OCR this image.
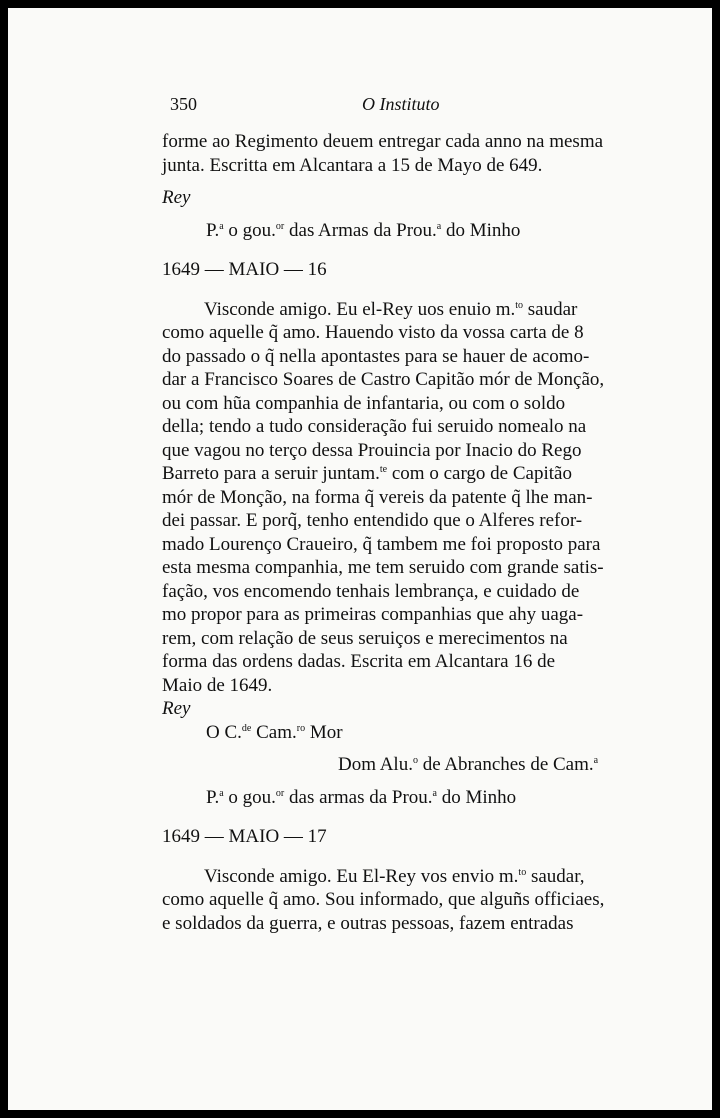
350	O Instituto

forme ao Regimento deuem entregar cada anno na mesma

junta. Escritta em Alcantara a 15 de Mayo de 649.

Rey

P.$^a$ o gou.$^{or}$ das Armas da Prou.$^a$ do Minho

1649 — MAIO — 16

Visconde amigo. Eu el-Rey uos enuio m.$^{to}$ saudar

como aquelle q̃ amo. Hauendo visto da vossa carta de 8

do passado o q̃ nella apontastes para se hauer de acomo-

dar a Francisco Soares de Castro Capitão mór de Monção,

ou com hũa companhia de infantaria, ou com o soldo

della; tendo a tudo consideração fui seruido nomealo na

que vagou no terço dessa Prouincia por Inacio do Rego

Barreto para a seruir juntam.$^{te}$ com o cargo de Capitão

mór de Monção, na forma q̃ vereis da patente q̃ lhe man-

dei passar. E porq̃, tenho entendido que o Alferes refor-

mado Lourenço Craueiro, q̃ tambem me foi proposto para

esta mesma companhia, me tem seruido com grande satis-

fação, vos encomendo tenhais lembrança, e cuidado de

mo propor para as primeiras companhias que ahy uaga-

rem, com relação de seus seruiços e merecimentos na

forma das ordens dadas. Escrita em Alcantara 16 de

Maio de 1649.

Rey

O C.$^{de}$ Cam.$^{ro}$ Mor

Dom Alu.$^o$ de Abranches de Cam.$^a$

P.$^a$ o gou.$^{or}$ das armas da Prou.$^a$ do Minho

1649 — MAIO — 17

Visconde amigo. Eu El-Rey vos envio m.$^{to}$ saudar,

como aquelle q̃ amo. Sou informado, que alguñs officiaes,

e soldados da guerra, e outras pessoas, fazem entradas
